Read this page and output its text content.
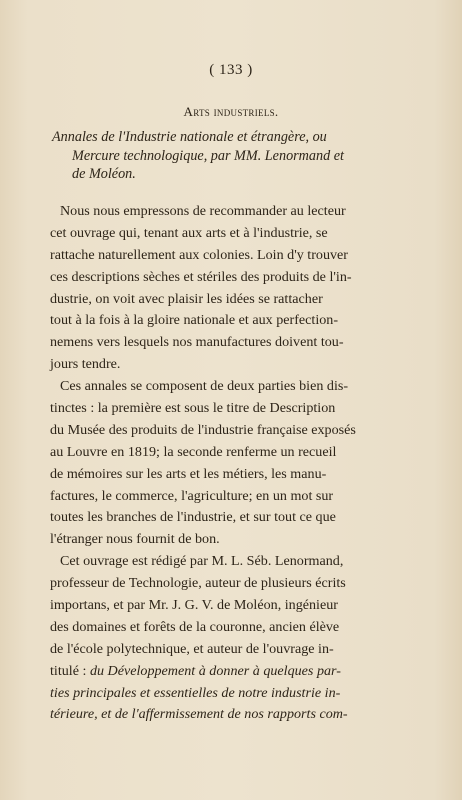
( 133 )
Arts industriels.
Annales de l'Industrie nationale et étrangère, ou
Mercure technologique, par MM. Lenormand et
de Moléon.
Nous nous empressons de recommander au lecteur
cet ouvrage qui, tenant aux arts et à l'industrie, se
rattache naturellement aux colonies. Loin d'y trouver
ces descriptions sèches et stériles des produits de l'in-
dustrie, on voit avec plaisir les idées se rattacher
tout à la fois à la gloire nationale et aux perfection-
nemens vers lesquels nos manufactures doivent tou-
jours tendre.
Ces annales se composent de deux parties bien dis-
tinctes : la première est sous le titre de Description
du Musée des produits de l'industrie française exposés
au Louvre en 1819; la seconde renferme un recueil
de mémoires sur les arts et les métiers, les manu-
factures, le commerce, l'agriculture; en un mot sur
toutes les branches de l'industrie, et sur tout ce que
l'étranger nous fournit de bon.
Cet ouvrage est rédigé par M. L. Séb. Lenormand,
professeur de Technologie, auteur de plusieurs écrits
importans, et par Mr. J. G. V. de Moléon, ingénieur
des domaines et forêts de la couronne, ancien élève
de l'école polytechnique, et auteur de l'ouvrage in-
titulé : du Développement à donner à quelques par-
ties principales et essentielles de notre industrie in-
térieure, et de l'affermissement de nos rapports com-
